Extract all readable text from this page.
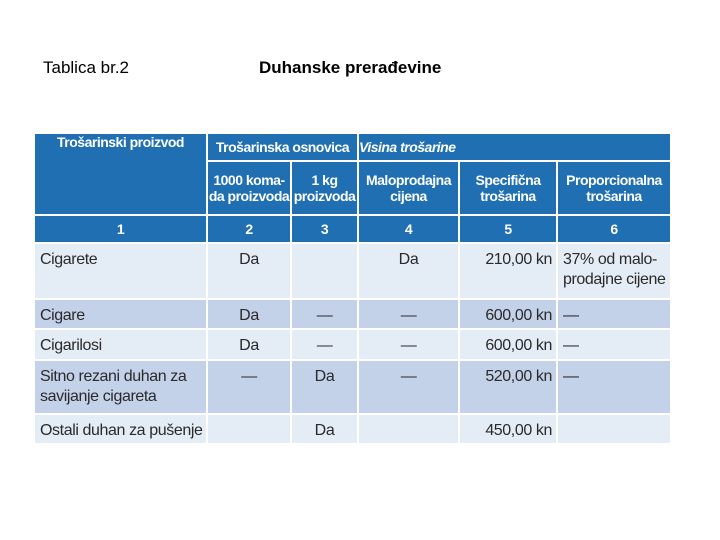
Tablica br.2	Duhanske prerađevine
Trošarinski proizvod	Trošarinska osnovica		Visina trošarine		
	1000 koma-da proizvoda	1 kg proizvoda	Maloprodajna cijena	Specifična trošarina	Proporcionalna trošarina
1	2	3	4	5	6
Cigarete	Da		Da	210,00 kn	37% od malo-prodajne cijene
Cigare	Da	—	—	600,00 kn	—
Cigarilosi	Da	—	—	600,00 kn	—
Sitno rezani duhan za savijanje cigareta	—	Da	—	520,00 kn	—
Ostali duhan za pušenje		Da		450,00 kn	
